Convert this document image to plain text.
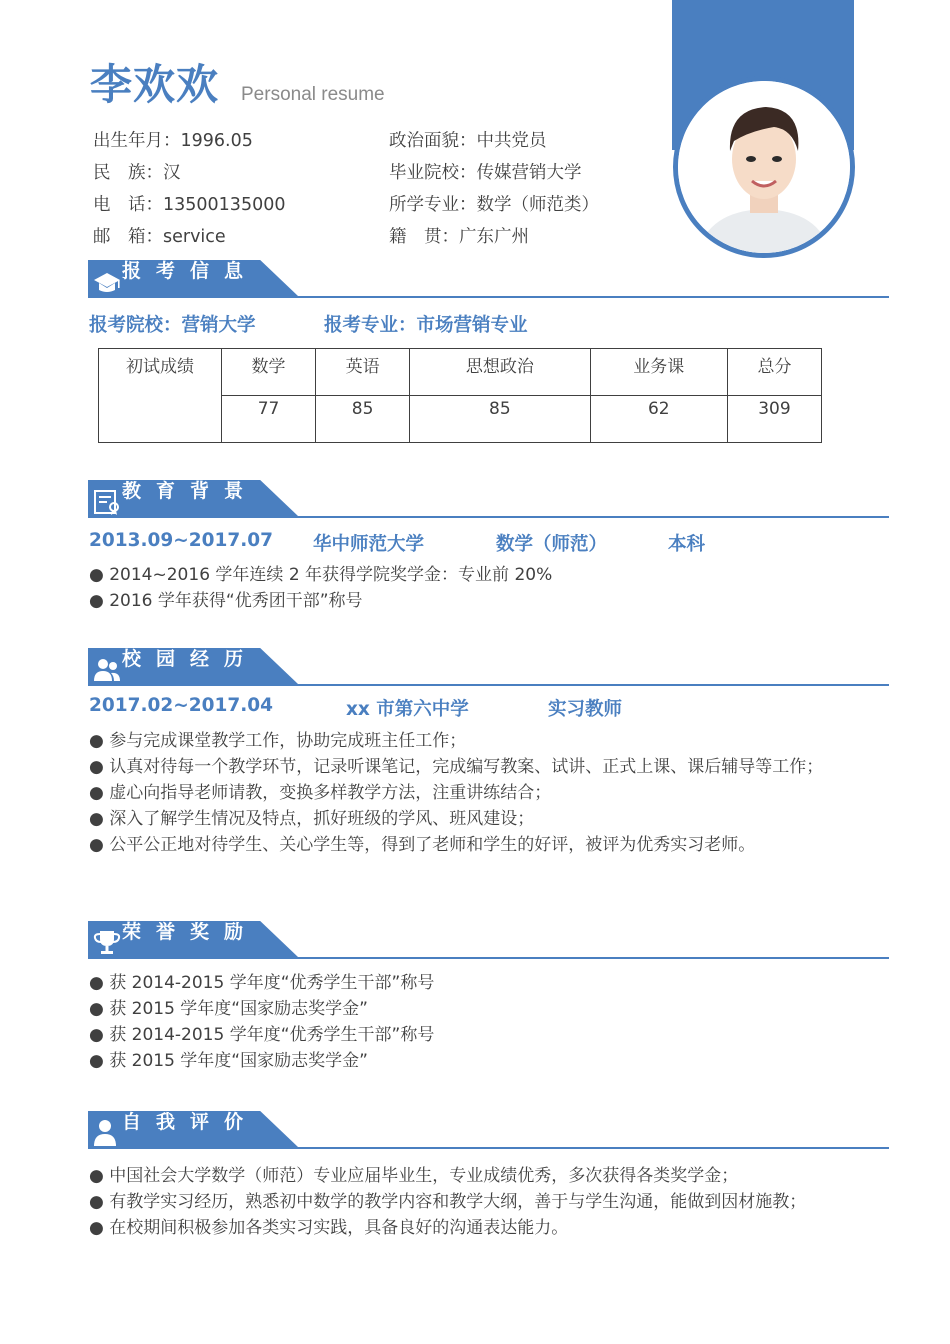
李欢欢 Personal resume
出生年月：1996.05
民　族：汉
电　话：13500135000
邮　箱：service
政治面貌：中共党员
毕业院校：传媒营销大学
所学专业：数学（师范类）
籍　贯：广东广州
报考信息
报考院校：营销大学	报考专业：市场营销专业
初试成绩	数学	英语	思想政治	业务课	总分
	77	85	85	62	309
教育背景
2013.09~2017.07 华中师范大学	数学（师范）	本科
● 2014~2016 学年连续 2 年获得学院奖学金：专业前 20%
● 2016 学年获得“优秀团干部”称号
校园经历
2017.02~2017.04	xx 市第六中学	实习教师
● 参与完成课堂教学工作，协助完成班主任工作；
● 认真对待每一个教学环节，记录听课笔记，完成编写教案、试讲、正式上课、课后辅导等工作；
● 虚心向指导老师请教，变换多样教学方法，注重讲练结合；
● 深入了解学生情况及特点，抓好班级的学风、班风建设；
● 公平公正地对待学生、关心学生等，得到了老师和学生的好评，被评为优秀实习老师。
荣誉奖励
● 获 2014-2015 学年度“优秀学生干部”称号
● 获 2015 学年度“国家励志奖学金”
● 获 2014-2015 学年度“优秀学生干部”称号
● 获 2015 学年度“国家励志奖学金”
自我评价
● 中国社会大学数学（师范）专业应届毕业生，专业成绩优秀，多次获得各类奖学金；
● 有教学实习经历，熟悉初中数学的教学内容和教学大纲，善于与学生沟通，能做到因材施教；
● 在校期间积极参加各类实习实践，具备良好的沟通表达能力。
